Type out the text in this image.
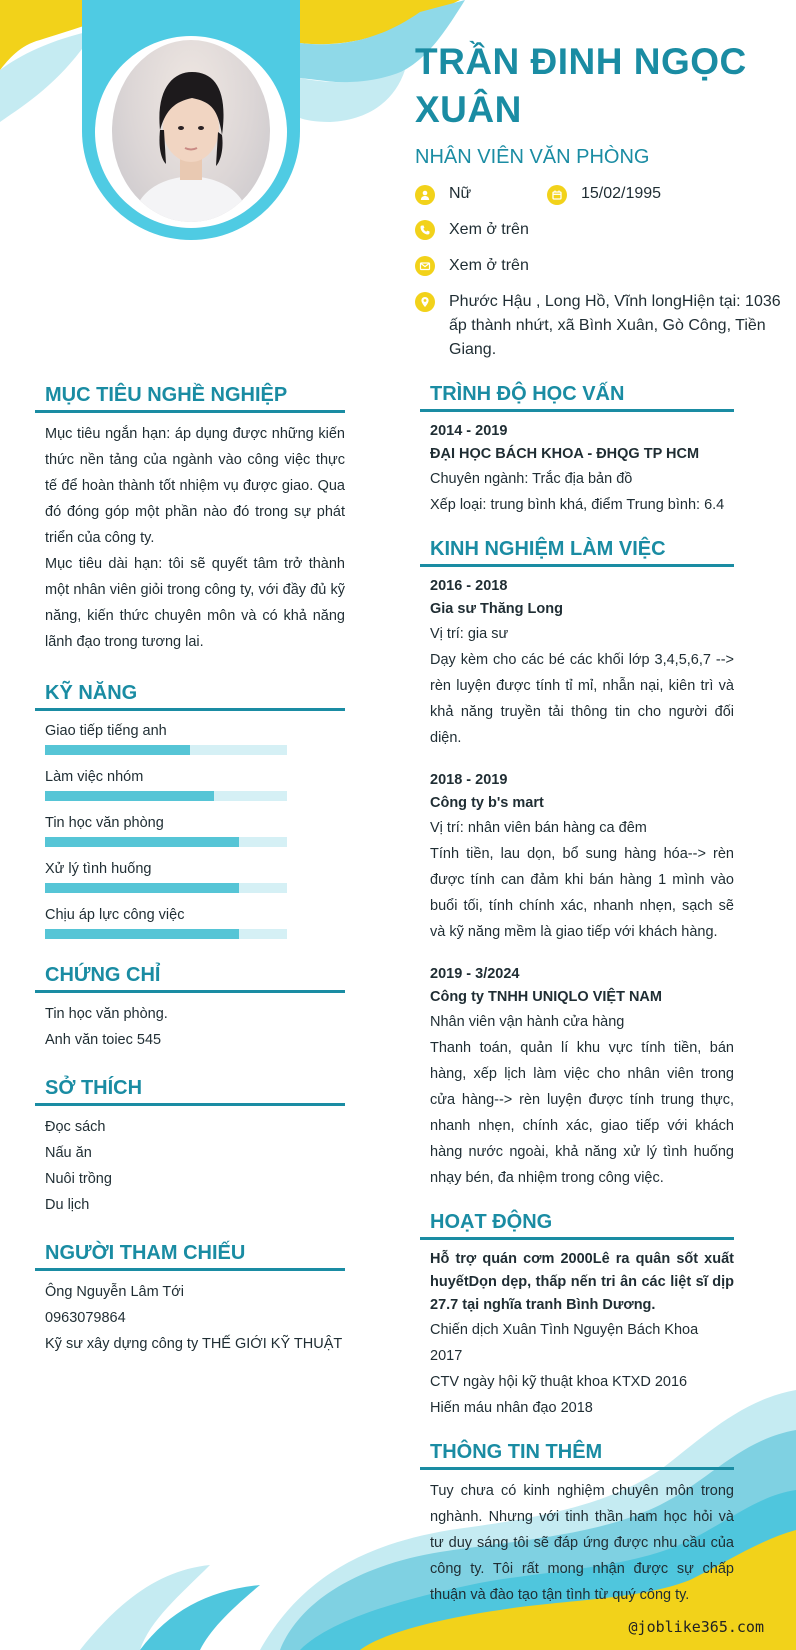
TRẦN ĐINH NGỌC XUÂN
NHÂN VIÊN VĂN PHÒNG
Nữ	15/02/1995
Xem ở trên
Xem ở trên
Phước Hậu , Long Hồ, Vĩnh longHiện tại: 1036 ấp thành nhứt, xã Bình Xuân, Gò Công, Tiền Giang.
MỤC TIÊU NGHỀ NGHIỆP
Mục tiêu ngắn hạn: áp dụng được những kiến thức nền tảng của ngành vào công việc thực tế để hoàn thành tốt nhiệm vụ được giao. Qua đó đóng góp một phần nào đó trong sự phát triển của công ty.
Mục tiêu dài hạn: tôi sẽ quyết tâm trở thành một nhân viên giỏi trong công ty, với đầy đủ kỹ năng, kiến thức chuyên môn và có khả năng lãnh đạo trong tương lai.
KỸ NĂNG
Giao tiếp tiếng anh
Làm việc nhóm
Tin học văn phòng
Xử lý tình huống
Chịu áp lực công việc
CHỨNG CHỈ
Tin học văn phòng.
Anh văn toiec 545
SỞ THÍCH
Đọc sách
Nấu ăn
Nuôi trồng
Du lịch
NGƯỜI THAM CHIẾU
Ông Nguyễn Lâm Tới
0963079864
Kỹ sư xây dựng công ty THẾ GIỚI KỸ THUẬT
TRÌNH ĐỘ HỌC VẤN
2014 - 2019
ĐẠI HỌC BÁCH KHOA - ĐHQG TP HCM
Chuyên ngành: Trắc địa bản đồ
Xếp loại: trung bình khá, điểm Trung bình: 6.4
KINH NGHIỆM LÀM VIỆC
2016 - 2018
Gia sư Thăng Long
Vị trí: gia sư
Dạy kèm cho các bé các khối lớp 3,4,5,6,7 --> rèn luyện được tính tỉ mỉ, nhẫn nại, kiên trì và khả năng truyền tải thông tin cho người đối diện.
2018 - 2019
Công ty b's mart
Vị trí: nhân viên bán hàng ca đêm
Tính tiền, lau dọn, bổ sung hàng hóa--> rèn được tính can đảm khi bán hàng 1 mình vào buổi tối, tính chính xác, nhanh nhẹn, sạch sẽ và kỹ năng mềm là giao tiếp với khách hàng.
2019 - 3/2024
Công ty TNHH UNIQLO VIỆT NAM
Nhân viên vận hành cửa hàng
Thanh toán, quản lí khu vực tính tiền, bán hàng, xếp lịch làm việc cho nhân viên trong cửa hàng--> rèn luyện được tính trung thực, nhanh nhẹn, chính xác, giao tiếp với khách hàng nước ngoài, khả năng xử lý tình huống nhạy bén, đa nhiệm trong công việc.
HOẠT ĐỘNG
Hỗ trợ quán cơm 2000Lê ra quân sốt xuất huyếtDọn dẹp, thấp nến tri ân các liệt sĩ dịp 27.7 tại nghĩa tranh Bình Dương.
Chiến dịch Xuân Tình Nguyện Bách Khoa 2017
CTV ngày hội kỹ thuật khoa KTXD 2016
Hiến máu nhân đạo 2018
THÔNG TIN THÊM
Tuy chưa có kinh nghiệm chuyên môn trong nghành. Nhưng với tinh thần ham học hỏi và tư duy sáng tôi sẽ đáp ứng được nhu cầu của công ty. Tôi rất mong nhận được sự chấp thuận và đào tạo tận tình từ quý công ty.
@joblike365.com
